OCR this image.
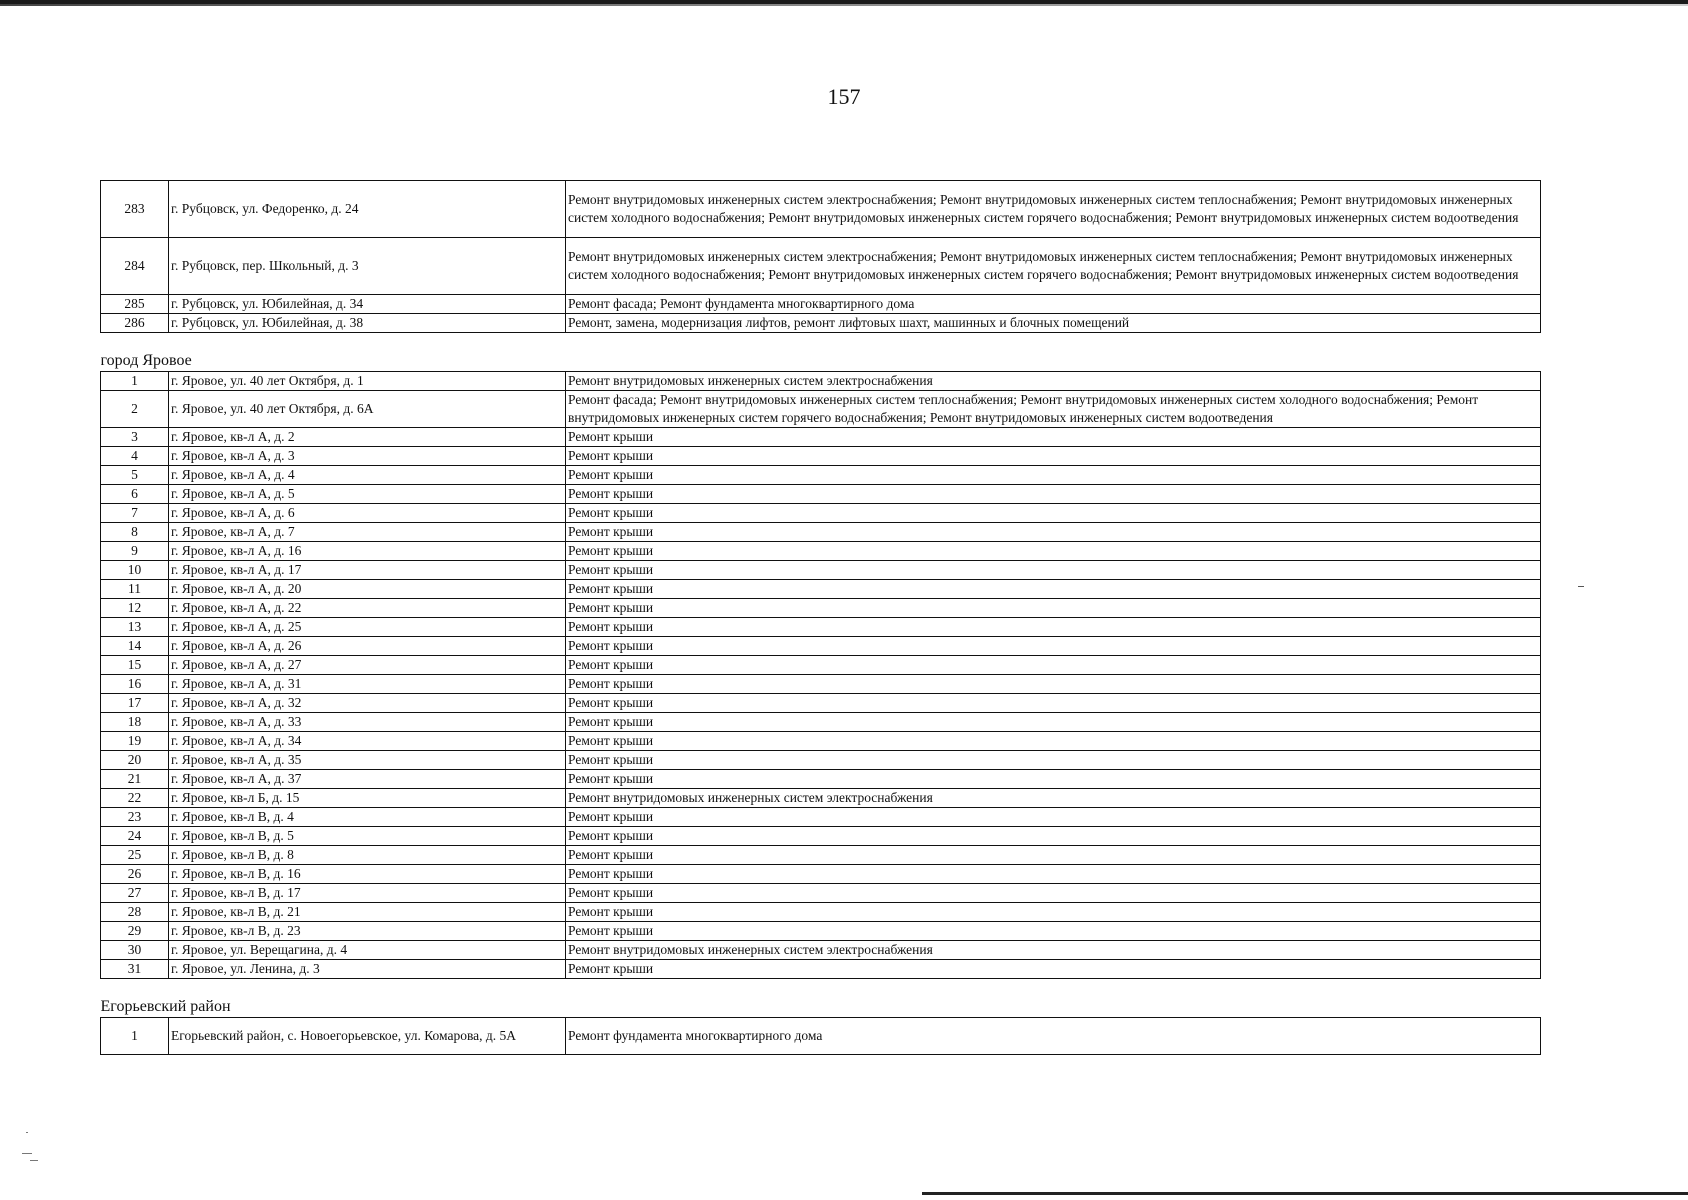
157
283	г. Рубцовск, ул. Федоренко, д. 24	Ремонт внутридомовых инженерных систем электроснабжения; Ремонт внутридомовых инженерных систем теплоснабжения; Ремонт внутридомовых инженерных систем холодного водоснабжения; Ремонт внутридомовых инженерных систем горячего водоснабжения; Ремонт внутридомовых инженерных систем водоотведения
284	г. Рубцовск, пер. Школьный, д. 3	Ремонт внутридомовых инженерных систем электроснабжения; Ремонт внутридомовых инженерных систем теплоснабжения; Ремонт внутридомовых инженерных систем холодного водоснабжения; Ремонт внутридомовых инженерных систем горячего водоснабжения; Ремонт внутридомовых инженерных систем водоотведения
285	г. Рубцовск, ул. Юбилейная, д. 34	Ремонт фасада; Ремонт фундамента многоквартирного дома
286	г. Рубцовск, ул. Юбилейная, д. 38	Ремонт, замена, модернизация лифтов, ремонт лифтовых шахт, машинных и блочных помещений
город Яровое		
1	г. Яровое, ул. 40 лет Октября, д. 1	Ремонт внутридомовых инженерных систем электроснабжения
2	г. Яровое, ул. 40 лет Октября, д. 6А	Ремонт фасада; Ремонт внутридомовых инженерных систем теплоснабжения; Ремонт внутридомовых инженерных систем холодного водоснабжения; Ремонт внутридомовых инженерных систем горячего водоснабжения; Ремонт внутридомовых инженерных систем водоотведения
3	г. Яровое, кв-л А, д. 2	Ремонт крыши
4	г. Яровое, кв-л А, д. 3	Ремонт крыши
5	г. Яровое, кв-л А, д. 4	Ремонт крыши
6	г. Яровое, кв-л А, д. 5	Ремонт крыши
7	г. Яровое, кв-л А, д. 6	Ремонт крыши
8	г. Яровое, кв-л А, д. 7	Ремонт крыши
9	г. Яровое, кв-л А, д. 16	Ремонт крыши
10	г. Яровое, кв-л А, д. 17	Ремонт крыши
11	г. Яровое, кв-л А, д. 20	Ремонт крыши
12	г. Яровое, кв-л А, д. 22	Ремонт крыши
13	г. Яровое, кв-л А, д. 25	Ремонт крыши
14	г. Яровое, кв-л А, д. 26	Ремонт крыши
15	г. Яровое, кв-л А, д. 27	Ремонт крыши
16	г. Яровое, кв-л А, д. 31	Ремонт крыши
17	г. Яровое, кв-л А, д. 32	Ремонт крыши
18	г. Яровое, кв-л А, д. 33	Ремонт крыши
19	г. Яровое, кв-л А, д. 34	Ремонт крыши
20	г. Яровое, кв-л А, д. 35	Ремонт крыши
21	г. Яровое, кв-л А, д. 37	Ремонт крыши
22	г. Яровое, кв-л Б, д. 15	Ремонт внутридомовых инженерных систем электроснабжения
23	г. Яровое, кв-л В, д. 4	Ремонт крыши
24	г. Яровое, кв-л В, д. 5	Ремонт крыши
25	г. Яровое, кв-л В, д. 8	Ремонт крыши
26	г. Яровое, кв-л В, д. 16	Ремонт крыши
27	г. Яровое, кв-л В, д. 17	Ремонт крыши
28	г. Яровое, кв-л В, д. 21	Ремонт крыши
29	г. Яровое, кв-л В, д. 23	Ремонт крыши
30	г. Яровое, ул. Верещагина, д. 4	Ремонт внутридомовых инженерных систем электроснабжения
31	г. Яровое, ул. Ленина, д. 3	Ремонт крыши
Егорьевский район		
1	Егорьевский район, с. Новоегорьевское, ул. Комарова, д. 5А	Ремонт фундамента многоквартирного дома
